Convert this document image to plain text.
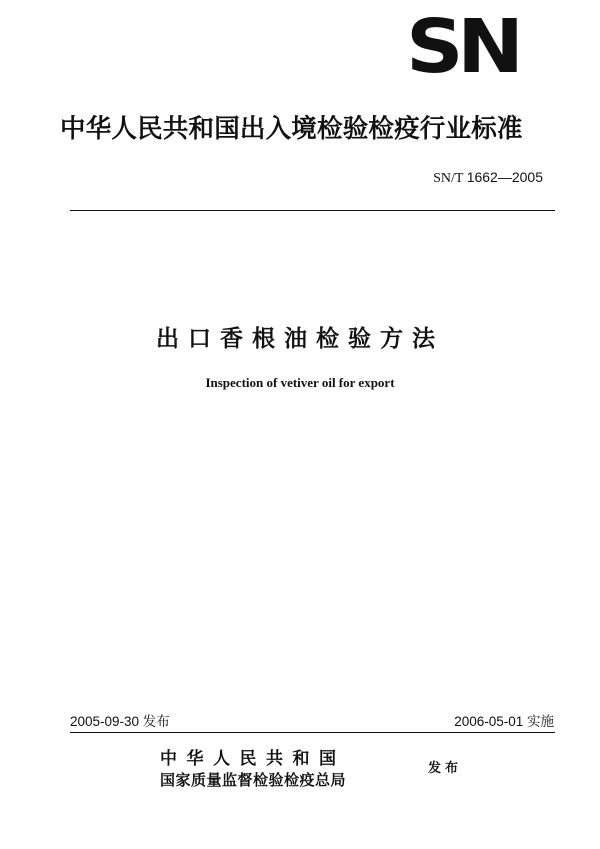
SN
中华人民共和国出入境检验检疫行业标准
SN/T 1662—2005
出口香根油检验方法
Inspection of vetiver oil for export
2005-09-30 发布	2006-05-01 实施
中华人民共和国
国家质量监督检验检疫总局
发布
